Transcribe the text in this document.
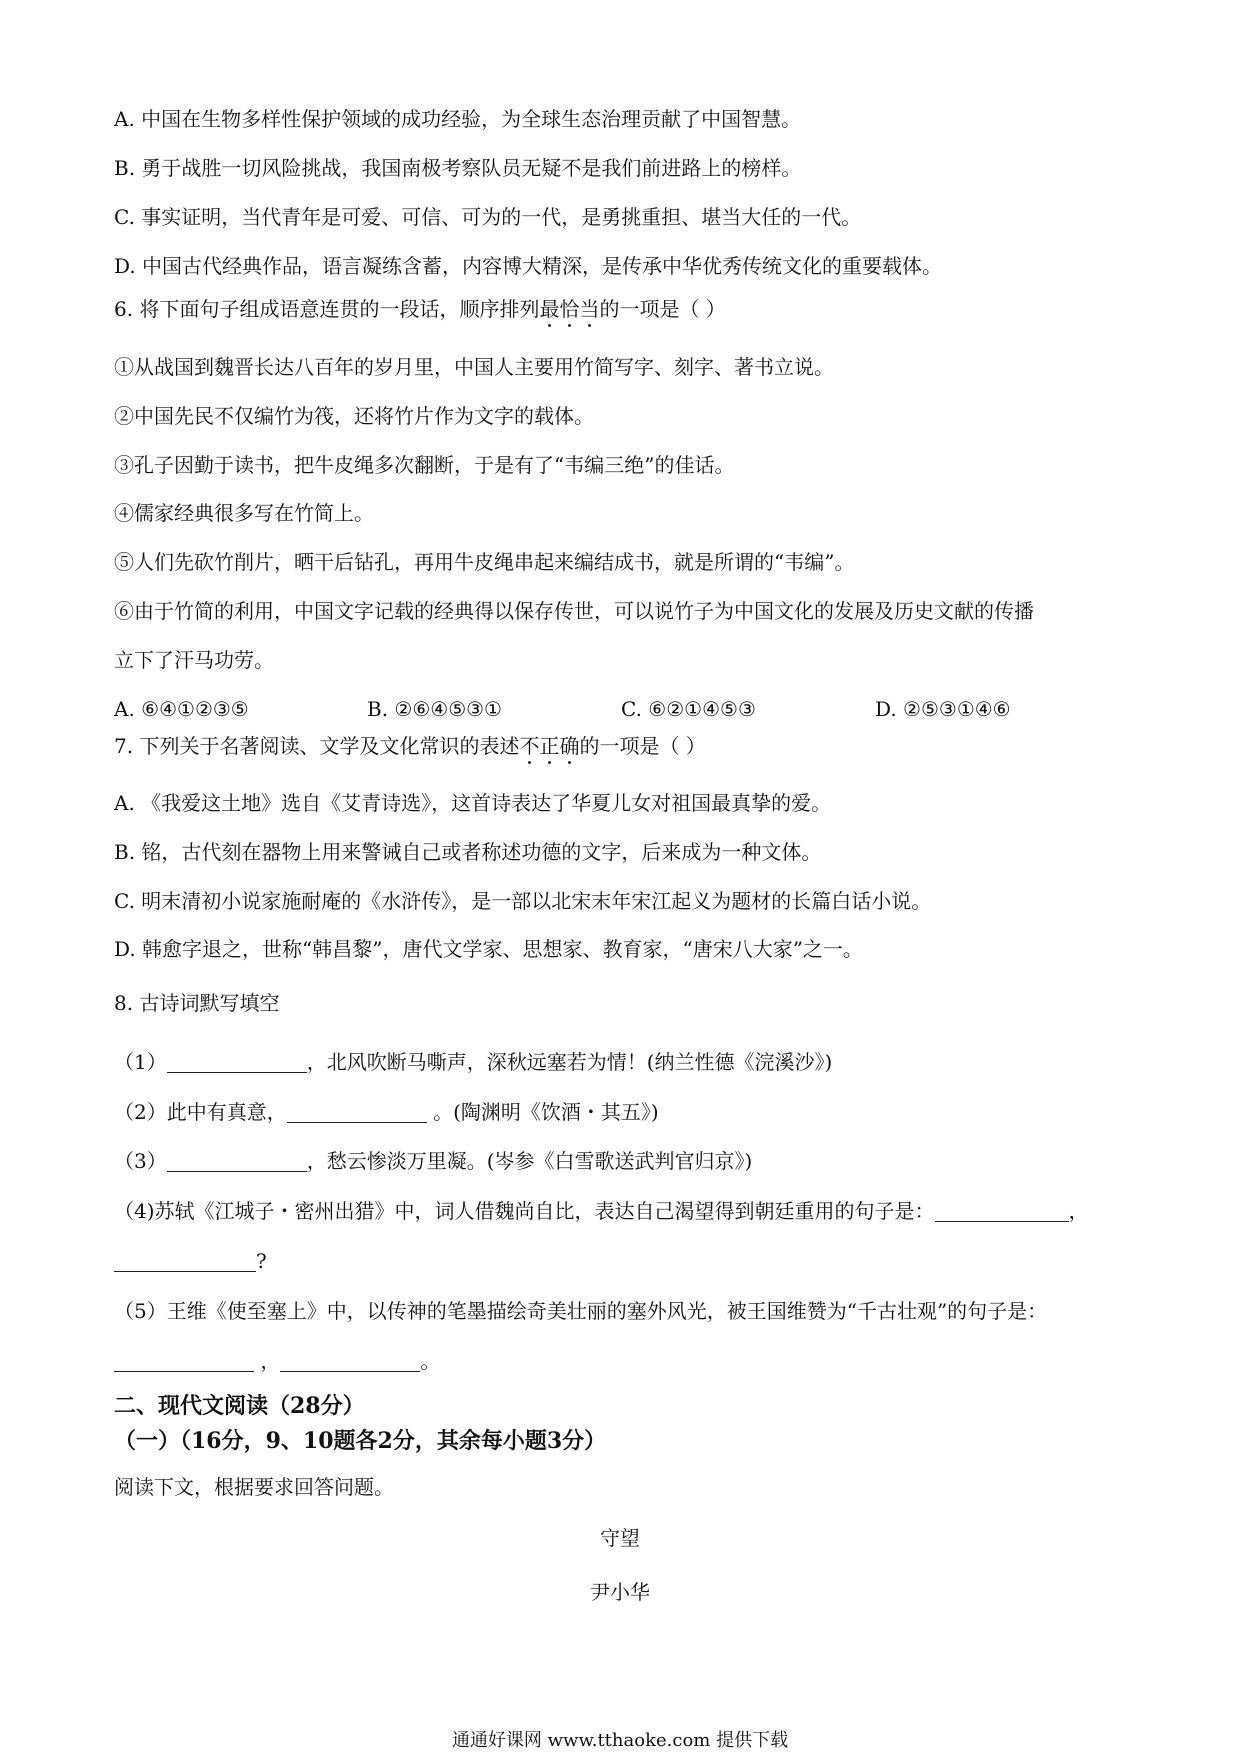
A. 中国在生物多样性保护领域的成功经验，为全球生态治理贡献了中国智慧。
B. 勇于战胜一切风险挑战，我国南极考察队员无疑不是我们前进路上的榜样。
C. 事实证明，当代青年是可爱、可信、可为的一代，是勇挑重担、堪当大任的一代。
D. 中国古代经典作品，语言凝练含蓄，内容博大精深，是传承中华优秀传统文化的重要载体。
6. 将下面句子组成语意连贯的一段话，顺序排列最恰当
的一项是（ ）
①从战国到魏晋长达八百年的岁月里，中国人主要用竹简写字、刻字、著书立说。
②中国先民不仅编竹为筏，还将竹片作为文字的载体。
③孔子因勤于读书，把牛皮绳多次翻断，于是有了“韦编三绝”的佳话。
④儒家经典很多写在竹简上。
⑤人们先砍竹削片，晒干后钻孔，再用牛皮绳串起来编结成书，就是所谓的“韦编”。
⑥由于竹简的利用，中国文字记载的经典得以保存传世，可以说竹子为中国文化的发展及历史文献的传播
立下了汗马功劳。
A. ⑥④①②③⑤	B. ②⑥④⑤③①	C. ⑥②①④⑤③	D. ②⑤③①④⑥
7. 下列关于名著阅读、文学及文化常识的表述不正确
的一项是（ ）
A. 《我爱这土地》选自《艾青诗选》，这首诗表达了华夏儿女对祖国最真挚的爱。
B. 铭，古代刻在器物上用来警诫自己或者称述功德的文字，后来成为一种文体。
C. 明末清初小说家施耐庵的《水浒传》，是一部以北宋末年宋江起义为题材的长篇白话小说。
D. 韩愈字退之，世称“韩昌黎”，唐代文学家、思想家、教育家，“唐宋八大家”之一。
8. 古诗词默写填空
（1）	，北风吹断马嘶声，深秋远塞若为情！(纳兰性德《浣溪沙》)
（2）此中有真意，	。(陶渊明《饮酒・其五》)
（3）	，愁云惨淡万里凝。(岑参《白雪歌送武判官归京》)
（4)苏轼《江城子・密州出猎》中，词人借魏尚自比，表达自己渴望得到朝廷重用的句子是：	，
?
（5）王维《使至塞上》中，以传神的笔墨描绘奇美壮丽的塞外风光，被王国维赞为“千古壮观”的句子是：
，	。
二、现代文阅读（28分）
（一）（16分，9、10题各2分，其余每小题3分）
阅读下文，根据要求回答问题。
守望
尹小华
通通好课网 www.tthaoke.com 提供下载
